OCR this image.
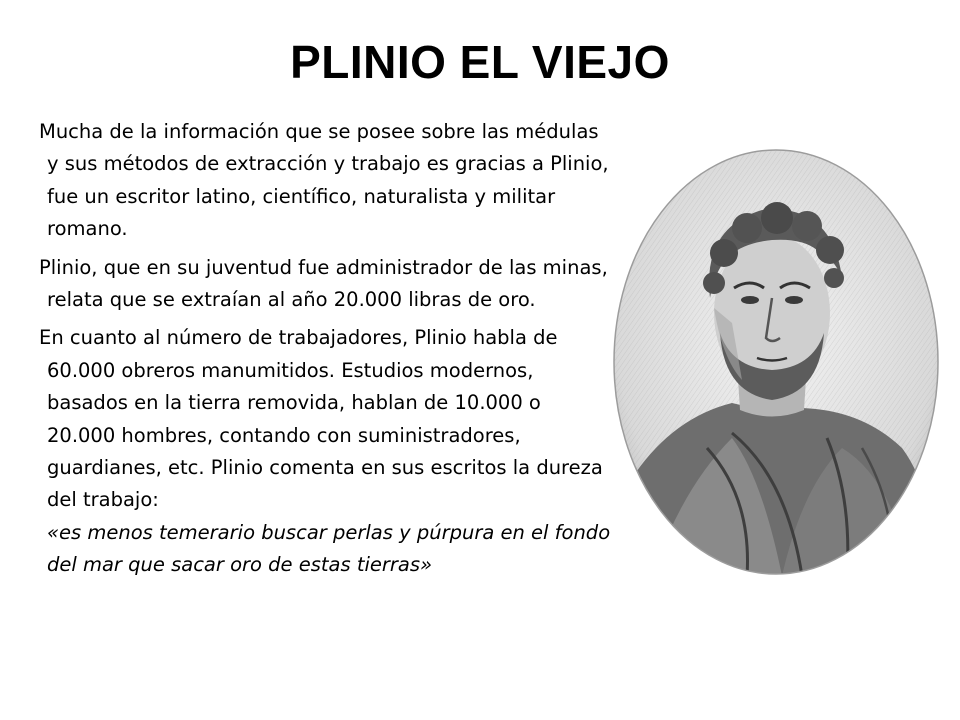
PLINIO EL VIEJO

Mucha de la información que se posee sobre las médulas y sus métodos de extracción y trabajo es gracias a Plinio, fue un escritor latino, científico, naturalista y militar romano.

Plinio, que en su juventud fue administrador de las minas, relata que se extraían al año 20.000 libras de oro.

En cuanto al número de trabajadores, Plinio habla de 60.000 obreros manumitidos. Estudios modernos, basados en la tierra removida, hablan de 10.000 o 20.000 hombres, contando con suministradores, guardianes, etc. Plinio comenta en sus escritos la dureza del trabajo:
«es menos temerario buscar perlas y púrpura en el fondo del mar que sacar oro de estas tierras»
